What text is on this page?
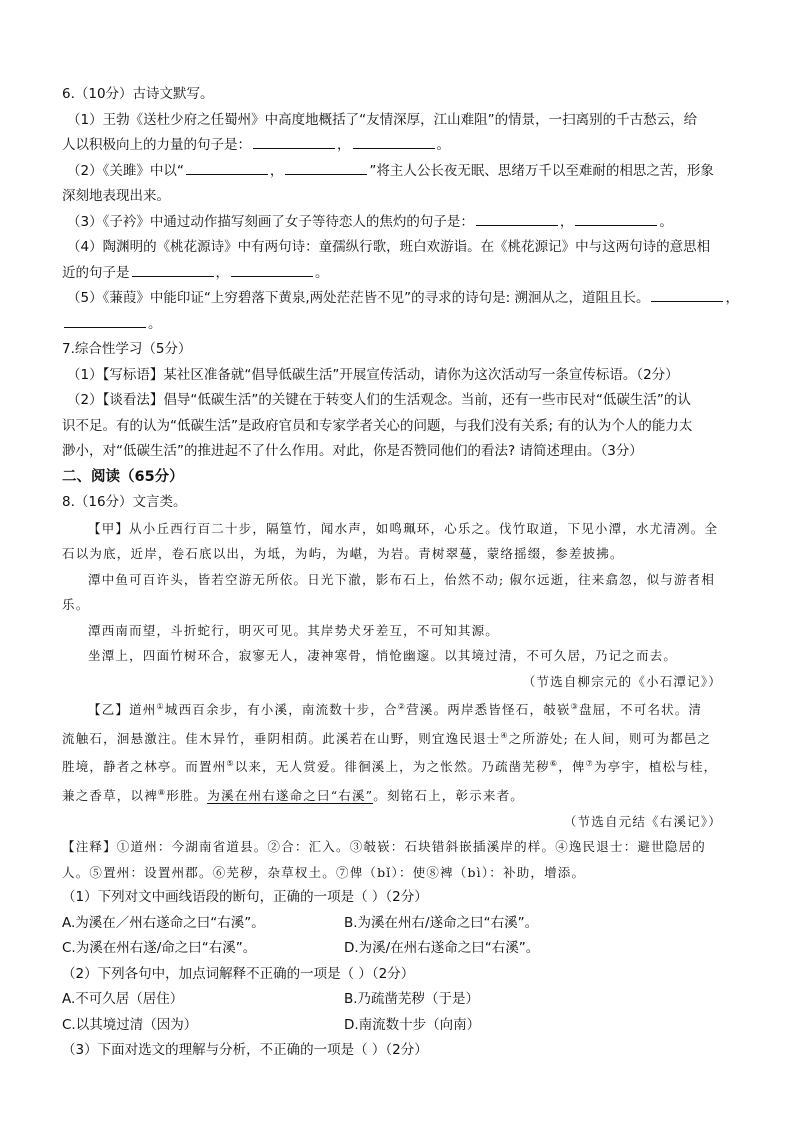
6.（10分）古诗文默写。
（1）王勃《送杜少府之任蜀州》中高度地概括了“友情深厚，江山难阻”的情景，一扫离别的千古愁云，给
人以积极向上的力量的句子是：	，	。
（2）《关雎》中以“	，	”将主人公长夜无眠、思绪万千以至难耐的相思之苦，形象
深刻地表现出来。
（3）《子衿》中通过动作描写刻画了女子等待恋人的焦灼的句子是：	，	。
（4）陶渊明的《桃花源诗》中有两句诗：童孺纵行歌，班白欢游诣。在《桃花源记》中与这两句诗的意思相
近的句子是	，	。
（5）《蒹葭》中能印证“上穷碧落下黄泉,两处茫茫皆不见”的寻求的诗句是: 溯洄从之，道阻且长。	，
。
7.综合性学习（5分）
（1）【写标语】某社区准备就“倡导低碳生活”开展宣传活动，请你为这次活动写一条宣传标语。（2分）
（2）【谈看法】倡导“低碳生活”的关键在于转变人们的生活观念。当前，还有一些市民对“低碳生活”的认
识不足。有的认为“低碳生活”是政府官员和专家学者关心的问题，与我们没有关系; 有的认为个人的能力太
渺小，对“低碳生活”的推进起不了什么作用。对此，你是否赞同他们的看法? 请简述理由。（3分）
二、阅读（65分）
8.（16分）文言类。
【甲】从小丘西行百二十步，隔篁竹，闻水声，如鸣珮环，心乐之。伐竹取道，下见小潭，水尤清冽。全
石以为底，近岸，卷石底以出，为坻，为屿，为嵁，为岩。青树翠蔓，蒙络摇缀，参差披拂。
潭中鱼可百许头，皆若空游无所依。日光下澈，影布石上，佁然不动; 俶尔远逝，往来翕忽，似与游者相
乐。
潭西南而望，斗折蛇行，明灭可见。其岸势犬牙差互，不可知其源。
坐潭上，四面竹树环合，寂寥无人，凄神寒骨，悄怆幽邃。以其境过清，不可久居，乃记之而去。
（节选自柳宗元的《小石潭记》）
【乙】道州①城西百余步，有小溪，南流数十步，合②营溪。两岸悉皆怪石，攲嵚③盘屈，不可名状。清
流触石，洄悬激注。佳木异竹，垂阴相荫。此溪若在山野，则宜逸民退士④之所游处; 在人间，则可为都邑之
胜境，静者之林亭。而置州⑤以来，无人赏爱。徘徊溪上，为之怅然。乃疏凿芜秽⑥，俾⑦为亭宇，植松与桂，
兼之香草，以裨⑧形胜。为溪在州右遂命之曰“右溪”。刻铭石上，彰示来者。
（节选自元结《右溪记》）
【注释】①道州：今湖南省道县。②合：汇入。③攲嵚：石块错斜嵌插溪岸的样。④逸民退士：避世隐居的
人。⑤置州：设置州郡。⑥芜秽，杂草杈土。⑦俾（bǐ）：使⑧裨（bì）：补助，增添。
（1）下列对文中画线语段的断句，正确的一项是（ ）（2分）
A.为溪在／州右遂命之曰“右溪”。	B.为溪在州右/遂命之曰“右溪”。
C.为溪在州右遂/命之曰“右溪”。	D.为溪/在州右遂命之曰“右溪”。
（2）下列各句中，加点词解释不正确的一项是（ ）（2分）
A.不可久居（居住）	B.乃疏凿芜秽（于是）
C.以其境过清（因为）	D.南流数十步（向南）
（3）下面对选文的理解与分析，不正确的一项是（ ）（2分）
